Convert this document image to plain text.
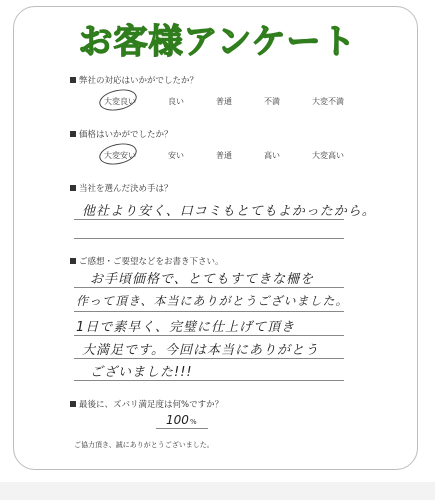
お客様アンケート
弊社の対応はいかがでしたか？
大変良い	良い	普通	不満	大変不満
価格はいかがでしたか？
大変安い	安い	普通	高い	大変高い
当社を選んだ決め手は？
他社より安く、口コミもとてもよかったから。
ご感想・ご要望などをお書き下さい。
お手頃価格で、とてもすてきな柵を
作って頂き、本当にありがとうございました。
1日で素早く、完璧に仕上げて頂き
大満足です。今回は本当にありがとう
ございました!!!
最後に、ズバリ満足度は何%ですか？
100 %
ご協力頂き、誠にありがとうございました。
